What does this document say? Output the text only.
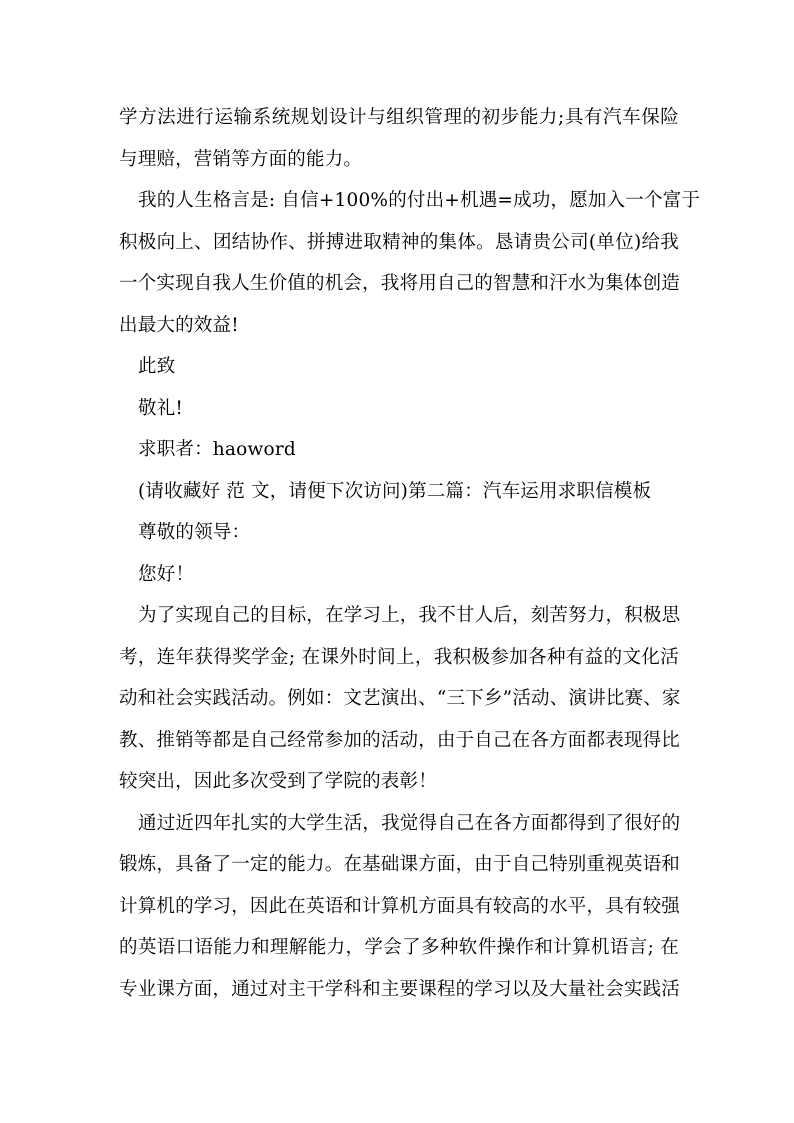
学方法进行运输系统规划设计与组织管理的初步能力;具有汽车保险
与理赔，营销等方面的能力。
我的人生格言是: 自信+100%的付出+机遇=成功，愿加入一个富于
积极向上、团结协作、拼搏进取精神的集体。恳请贵公司(单位)给我
一个实现自我人生价值的机会，我将用自己的智慧和汗水为集体创造
出最大的效益!
此致
敬礼!
求职者：haoword
(请收藏好 范 文，请便下次访问)第二篇：汽车运用求职信模板
尊敬的领导：
您好！
为了实现自己的目标，在学习上，我不甘人后，刻苦努力，积极思
考，连年获得奖学金; 在课外时间上，我积极参加各种有益的文化活
动和社会实践活动。例如：文艺演出、“三下乡”活动、演讲比赛、家
教、推销等都是自己经常参加的活动，由于自己在各方面都表现得比
较突出，因此多次受到了学院的表彰！
通过近四年扎实的大学生活，我觉得自己在各方面都得到了很好的
锻炼，具备了一定的能力。在基础课方面，由于自己特别重视英语和
计算机的学习，因此在英语和计算机方面具有较高的水平，具有较强
的英语口语能力和理解能力，学会了多种软件操作和计算机语言; 在
专业课方面，通过对主干学科和主要课程的学习以及大量社会实践活
